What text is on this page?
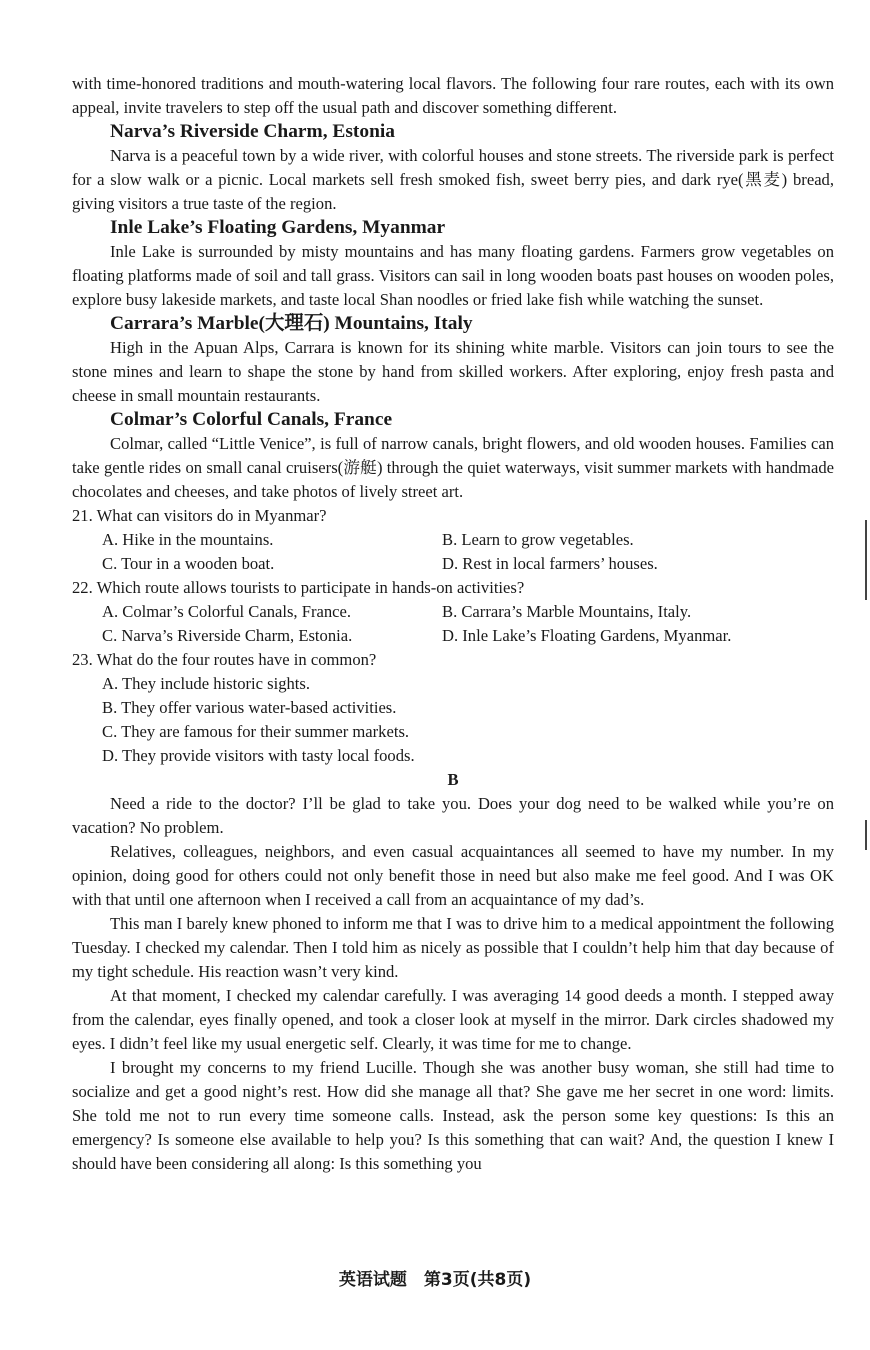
with time-honored traditions and mouth-watering local flavors. The following four rare routes, each with its own appeal, invite travelers to step off the usual path and discover something different.

Narva’s Riverside Charm, Estonia

Narva is a peaceful town by a wide river, with colorful houses and stone streets. The riverside park is perfect for a slow walk or a picnic. Local markets sell fresh smoked fish, sweet berry pies, and dark rye(黑麦) bread, giving visitors a true taste of the region.

Inle Lake’s Floating Gardens, Myanmar

Inle Lake is surrounded by misty mountains and has many floating gardens. Farmers grow vegetables on floating platforms made of soil and tall grass. Visitors can sail in long wooden boats past houses on wooden poles, explore busy lakeside markets, and taste local Shan noodles or fried lake fish while watching the sunset.

Carrara’s Marble(大理石) Mountains, Italy

High in the Apuan Alps, Carrara is known for its shining white marble. Visitors can join tours to see the stone mines and learn to shape the stone by hand from skilled workers. After exploring, enjoy fresh pasta and cheese in small mountain restaurants.

Colmar’s Colorful Canals, France

Colmar, called “Little Venice”, is full of narrow canals, bright flowers, and old wooden houses. Families can take gentle rides on small canal cruisers(游艇) through the quiet waterways, visit summer markets with handmade chocolates and cheeses, and take photos of lively street art.

21. What can visitors do in Myanmar?

A. Hike in the mountains.	B. Learn to grow vegetables.
C. Tour in a wooden boat.	D. Rest in local farmers’ houses.

22. Which route allows tourists to participate in hands-on activities?

A. Colmar’s Colorful Canals, France.	B. Carrara’s Marble Mountains, Italy.
C. Narva’s Riverside Charm, Estonia.	D. Inle Lake’s Floating Gardens, Myanmar.

23. What do the four routes have in common?

A. They include historic sights.

B. They offer various water-based activities.

C. They are famous for their summer markets.

D. They provide visitors with tasty local foods.

B

Need a ride to the doctor? I’ll be glad to take you. Does your dog need to be walked while you’re on vacation? No problem.

Relatives, colleagues, neighbors, and even casual acquaintances all seemed to have my number. In my opinion, doing good for others could not only benefit those in need but also make me feel good. And I was OK with that until one afternoon when I received a call from an acquaintance of my dad’s.

This man I barely knew phoned to inform me that I was to drive him to a medical appointment the following Tuesday. I checked my calendar. Then I told him as nicely as possible that I couldn’t help him that day because of my tight schedule. His reaction wasn’t very kind.

At that moment, I checked my calendar carefully. I was averaging 14 good deeds a month. I stepped away from the calendar, eyes finally opened, and took a closer look at myself in the mirror. Dark circles shadowed my eyes. I didn’t feel like my usual energetic self. Clearly, it was time for me to change.

I brought my concerns to my friend Lucille. Though she was another busy woman, she still had time to socialize and get a good night’s rest. How did she manage all that? She gave me her secret in one word: limits. She told me not to run every time someone calls. Instead, ask the person some key questions: Is this an emergency? Is someone else available to help you? Is this something that can wait? And, the question I knew I should have been considering all along: Is this something you

英语试题　第3页(共8页)
